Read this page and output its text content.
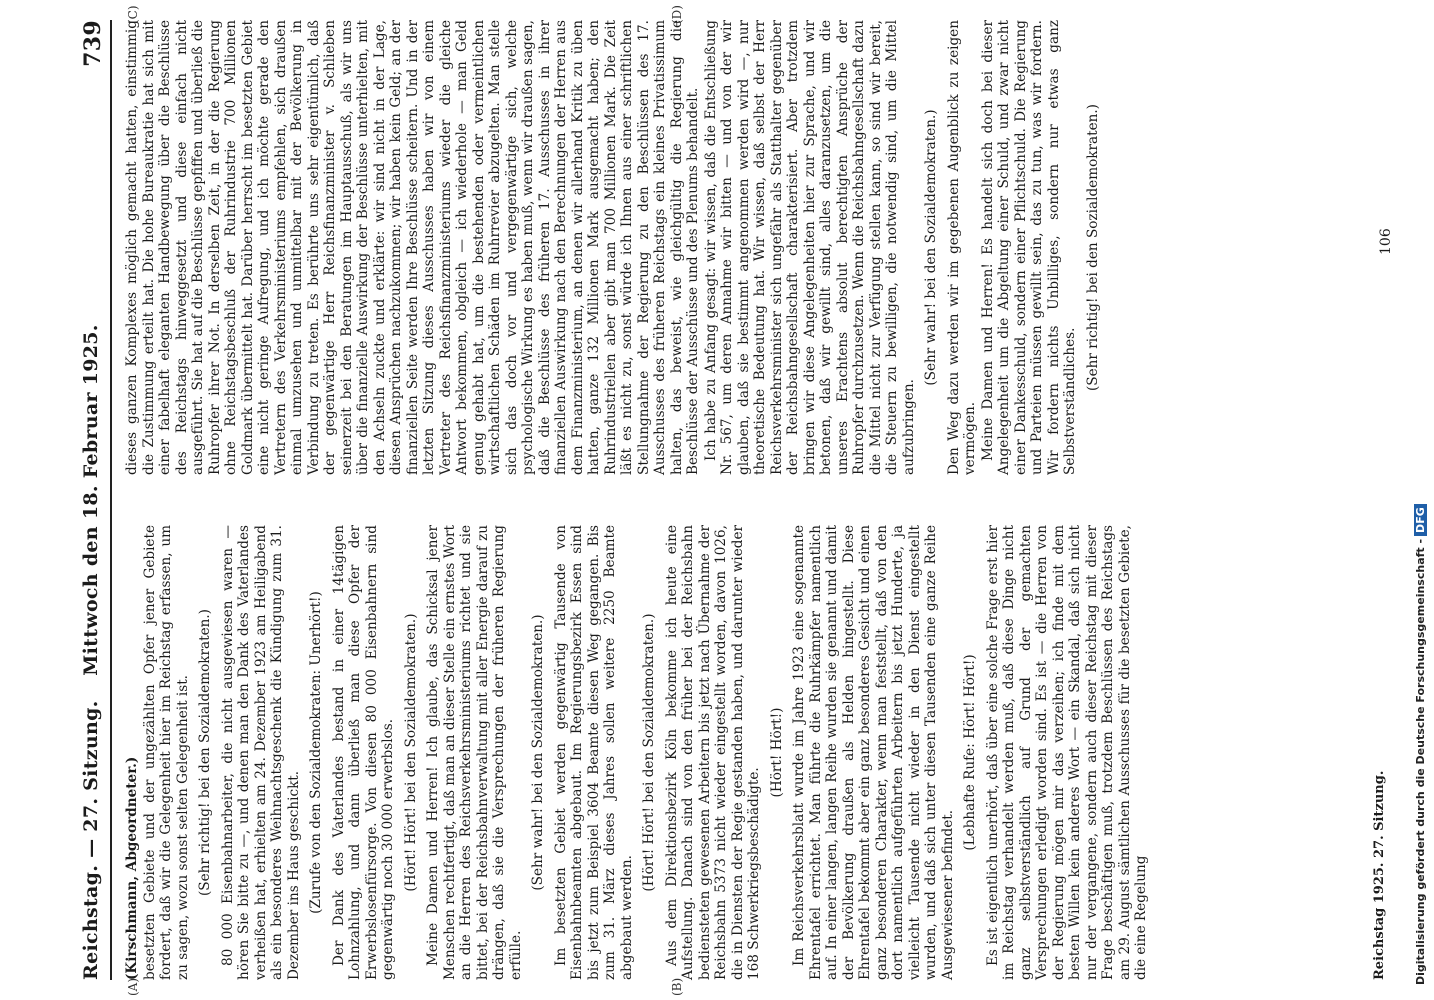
Reichstag. — 27. Sitzung.
Mittwoch den 18. Februar 1925.
739
(A)	(B)
(C)	(D)

(Kirschmann, Abgeordneter.) besetzten Gebiete und der ungezählten Opfer jener Gebiete fordert, daß wir die Gelegenheit hier im Reichstag erfassen, um zu sagen, wozu sonst selten Gelegenheit ist. (Sehr richtig! bei den Sozialdemokraten.) 80 000 Eisenbahnarbeiter, die nicht ausgewiesen waren — hören Sie bitte zu —, und denen man den Dank des Vaterlandes verheißen hat, erhielten am 24. Dezember 1923 am Heiligabend als ein besonderes Weihnachtsgeschenk die Kündigung zum 31. Dezember ins Haus geschickt. (Zurufe von den Sozialdemokraten: Unerhört!) Der Dank des Vaterlandes bestand in einer 14tägigen Lohnzahlung, und dann überließ man diese Opfer der Erwerbslosenfürsorge. Von diesen 80 000 Eisenbahnern sind gegenwärtig noch 30 000 erwerbslos. (Hört! Hört! bei den Sozialdemokraten.) Meine Damen und Herren! Ich glaube, das Schicksal jener Menschen rechtfertigt, daß man an dieser Stelle ein ernstes Wort an die Herren des Reichsverkehrsministeriums richtet und sie bittet, bei der Reichsbahnverwaltung mit aller Energie darauf zu drängen, daß sie die Versprechungen der früheren Regierung erfülle.

(Sehr wahr! bei den Sozialdemokraten.) Im besetzten Gebiet werden gegenwärtig Tausende von Eisenbahnbeamten abgebaut. Im Regierungsbezirk Essen sind bis jetzt zum Beispiel 3604 Beamte diesen Weg gegangen. Bis zum 31. März dieses Jahres sollen weitere 2250 Beamte abgebaut werden.

(Hört! Hört! bei den Sozialdemokraten.) Aus dem Direktionsbezirk Köln bekomme ich heute eine Aufstellung. Danach sind von den früher bei der Reichsbahn bediensteten gewesenen Arbeitern bis jetzt nach Übernahme der Reichsbahn 5373 nicht wieder eingestellt worden, davon 1026, die in Diensten der Regie gestanden haben, und darunter wieder 168 Schwerkriegsbeschädigte.

(Hört! Hört!) Im Reichsverkehrsblatt wurde im Jahre 1923 eine sogenannte Ehrentafel errichtet. Man führte die Ruhrkämpfer namentlich auf. In einer langen, langen Reihe wurden sie genannt und damit der Bevölkerung draußen als Helden hingestellt. Diese Ehrentafel bekommt aber ein ganz besonderes Gesicht und einen ganz besonderen Charakter, wenn man feststellt, daß von den dort namentlich aufgeführten Arbeitern bis jetzt Hunderte, ja vielleicht Tausende nicht wieder in den Dienst eingestellt wurden, und daß sich unter diesen Tausenden eine ganze Reihe Ausgewiesener befindet.

(Lebhafte Rufe: Hört! Hört!) Es ist eigentlich unerhört, daß über eine solche Frage erst hier im Reichstag verhandelt werden muß, daß diese Dinge nicht ganz selbstverständlich auf Grund der gemachten Versprechungen erledigt worden sind. Es ist — die Herren von der Regierung mögen mir das verzeihen; ich finde mit dem besten Willen kein anderes Wort — ein Skandal, daß sich nicht nur der vergangene, sondern auch dieser Reichstag mit dieser Frage beschäftigen muß, trotzdem Beschlüssen des Reichstags am 29. August sämtlichen Ausschusses für die besetzten Gebiete, die eine Regelung

dieses ganzen Komplexes möglich gemacht hatten, einstimmig die Zustimmung erteilt hat. Die hohe Bureaukratie hat sich mit einer fabelhaft eleganten Handbewegung über die Beschlüsse des Reichstags hinweggesetzt und diese einfach nicht ausgeführt. Sie hat auf die Beschlüsse gepfiffen und überließ die Ruhropfer ihrer Not. In derselben Zeit, in der die Regierung ohne Reichstagsbeschluß der Ruhrindustrie 700 Millionen Goldmark übermittelt hat. Darüber herrscht im besetzten Gebiet eine nicht geringe Aufregung, und ich möchte gerade den Vertretern des Verkehrsministeriums empfehlen, sich draußen einmal umzusehen und unmittelbar mit der Bevölkerung in Verbindung zu treten. Es berührte uns sehr eigentümlich, daß der gegenwärtige Herr Reichsfinanzminister v. Schlieben seinerzeit bei den Beratungen im Hauptausschuß, als wir uns über die finanzielle Auswirkung der Beschlüsse unterhielten, mit den Achseln zuckte und erklärte: wir sind nicht in der Lage, diesen Ansprüchen nachzukommen; wir haben kein Geld; an der finanziellen Seite werden Ihre Beschlüsse scheitern. Und in der letzten Sitzung dieses Ausschusses haben wir von einem Vertreter des Reichsfinanzministeriums wieder die gleiche Antwort bekommen, obgleich — ich wiederhole — man Geld genug gehabt hat, um die bestehenden oder vermeintlichen wirtschaftlichen Schäden im Ruhrrevier abzugelten. Man stelle sich das doch vor und vergegenwärtige sich, welche psychologische Wirkung es haben muß, wenn wir draußen sagen, daß die Beschlüsse des früheren 17. Ausschusses in ihrer finanziellen Auswirkung nach den Berechnungen der Herren aus dem Finanzministerium, an denen wir allerhand Kritik zu üben hatten, ganze 132 Millionen Mark ausgemacht haben; den Ruhrindustriellen aber gibt man 700 Millionen Mark. Die Zeit läßt es nicht zu, sonst würde ich Ihnen aus einer schriftlichen Stellungnahme der Regierung zu den Beschlüssen des 17. Ausschusses des früheren Reichstags ein kleines Privatissimum halten, das beweist, wie gleichgültig die Regierung die Beschlüsse der Ausschüsse und des Plenums behandelt. Ich habe zu Anfang gesagt: wir wissen, daß die Entschließung Nr. 567, um deren Annahme wir bitten — und von der wir glauben, daß sie bestimmt angenommen werden wird —, nur theoretische Bedeutung hat. Wir wissen, daß selbst der Herr Reichsverkehrsminister sich ungefähr als Statthalter gegenüber der Reichsbahngesellschaft charakterisiert. Aber trotzdem bringen wir diese Angelegenheiten hier zur Sprache, und wir betonen, daß wir gewillt sind, alles daranzusetzen, um die unseres Erachtens absolut berechtigten Ansprüche der Ruhropfer durchzusetzen. Wenn die Reichsbahngesellschaft dazu die Mittel nicht zur Verfügung stellen kann, so sind wir bereit, die Steuern zu bewilligen, die notwendig sind, um die Mittel aufzubringen.

(Sehr wahr! bei den Sozialdemokraten.) Den Weg dazu werden wir im gegebenen Augenblick zu zeigen vermögen. Meine Damen und Herren! Es handelt sich doch bei dieser Angelegenheit um die Abgeltung einer Schuld, und zwar nicht einer Dankesschuld, sondern einer Pflichtschuld. Die Regierung und Parteien müssen gewillt sein, das zu tun, was wir fordern. Wir fordern nichts Unbilliges, sondern nur etwas ganz Selbstverständliches.

(Sehr richtig! bei den Sozialdemokraten.)

Reichstag 1925. 27. Sitzung.
106
Digitalisierung gefördert durch die Deutsche Forschungsgemeinschaft -DFG
